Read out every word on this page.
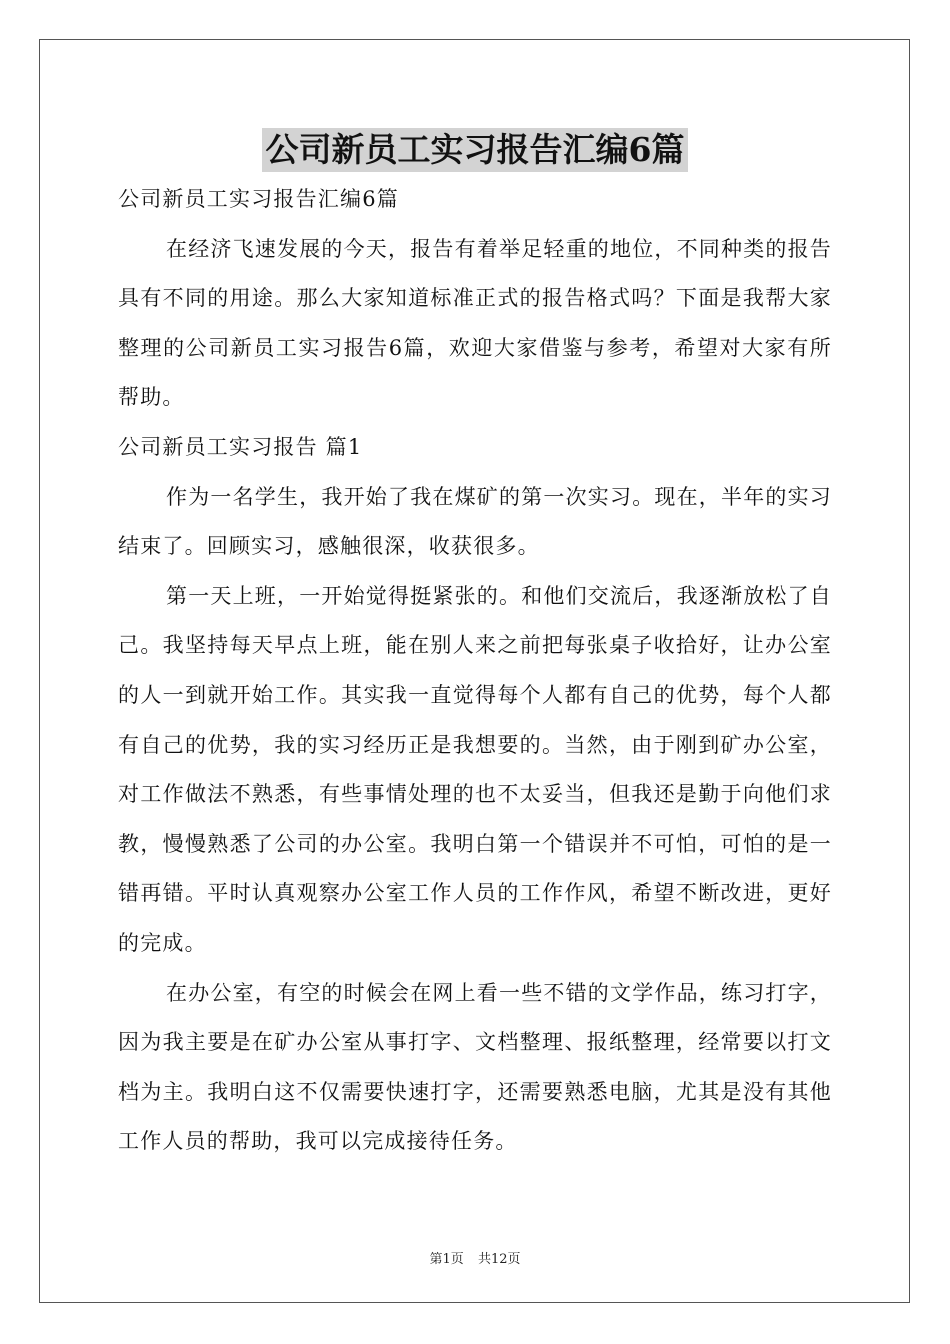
公司新员工实习报告汇编6篇

公司新员工实习报告汇编6篇

在经济飞速发展的今天，报告有着举足轻重的地位，不同种类的报告具有不同的用途。那么大家知道标准正式的报告格式吗？下面是我帮大家整理的公司新员工实习报告6篇，欢迎大家借鉴与参考，希望对大家有所帮助。

公司新员工实习报告 篇1

作为一名学生，我开始了我在煤矿的第一次实习。现在，半年的实习结束了。回顾实习，感触很深，收获很多。

第一天上班，一开始觉得挺紧张的。和他们交流后，我逐渐放松了自己。我坚持每天早点上班，能在别人来之前把每张桌子收拾好，让办公室的人一到就开始工作。其实我一直觉得每个人都有自己的优势，每个人都有自己的优势，我的实习经历正是我想要的。当然，由于刚到矿办公室，对工作做法不熟悉，有些事情处理的也不太妥当，但我还是勤于向他们求教，慢慢熟悉了公司的办公室。我明白第一个错误并不可怕，可怕的是一错再错。平时认真观察办公室工作人员的工作作风，希望不断改进，更好的完成。

在办公室，有空的时候会在网上看一些不错的文学作品，练习打字，因为我主要是在矿办公室从事打字、文档整理、报纸整理，经常要以打文档为主。我明白这不仅需要快速打字，还需要熟悉电脑，尤其是没有其他工作人员的帮助，我可以完成接待任务。

第1页 共12页
